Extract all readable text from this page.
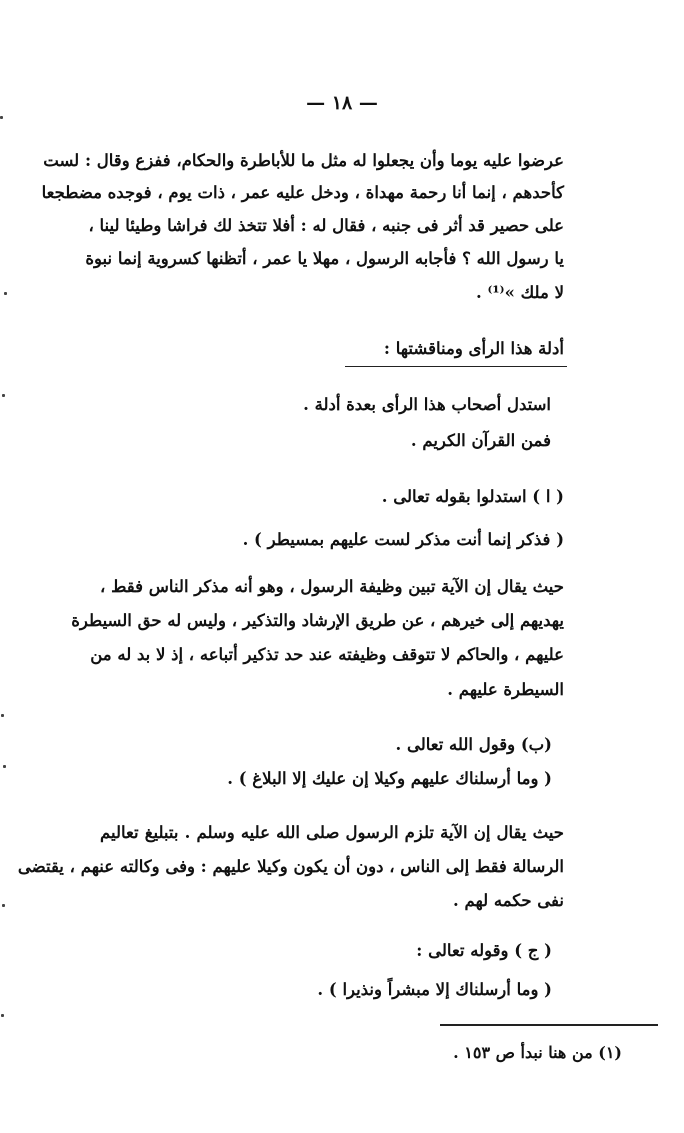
— ١٨ —
عرضوا عليه يوما وأن يجعلوا له مثل ما للأباطرة والحكام، ففزع وقال : لست
كأحدهم ، إنما أنا رحمة مهداة ، ودخل عليه عمر ، ذات يوم ، فوجده مضطجعا
على حصير قد أثر فى جنبه ، فقال له : أفلا تتخذ لك فراشا وطيئا لينا ،
يا رسول الله ؟ فأجابه الرسول ، مهلا يا عمر ، أتظنها كسروية إنما نبوة
لا ملك »⁽¹⁾ .
أدلة هذا الرأى ومناقشتها :
استدل أصحاب هذا الرأى بعدة أدلة .
فمن القرآن الكريم .
( ا ) استدلوا بقوله تعالى .
( فذكر إنما أنت مذكر لست عليهم بمسيطر ) .
حيث يقال إن الآية تبين وظيفة الرسول ، وهو أنه مذكر الناس فقط ،
يهديهم إلى خيرهم ، عن طريق الإرشاد والتذكير ، وليس له حق السيطرة
عليهم ، والحاكم لا تتوقف وظيفته عند حد تذكير أتباعه ، إذ لا بد له من
السيطرة عليهم .
(ب) وقول الله تعالى .
( وما أرسلناك عليهم وكيلا إن عليك إلا البلاغ ) .
حيث يقال إن الآية تلزم الرسول صلى الله عليه وسلم . بتبليغ تعاليم
الرسالة فقط إلى الناس ، دون أن يكون وكيلا عليهم : وفى وكالته عنهم ، يقتضى
نفى حكمه لهم .
( ج ) وقوله تعالى :
( وما أرسلناك إلا مبشراً ونذيرا ) .
(١) من هنا نبدأ ص ١٥٣ .
